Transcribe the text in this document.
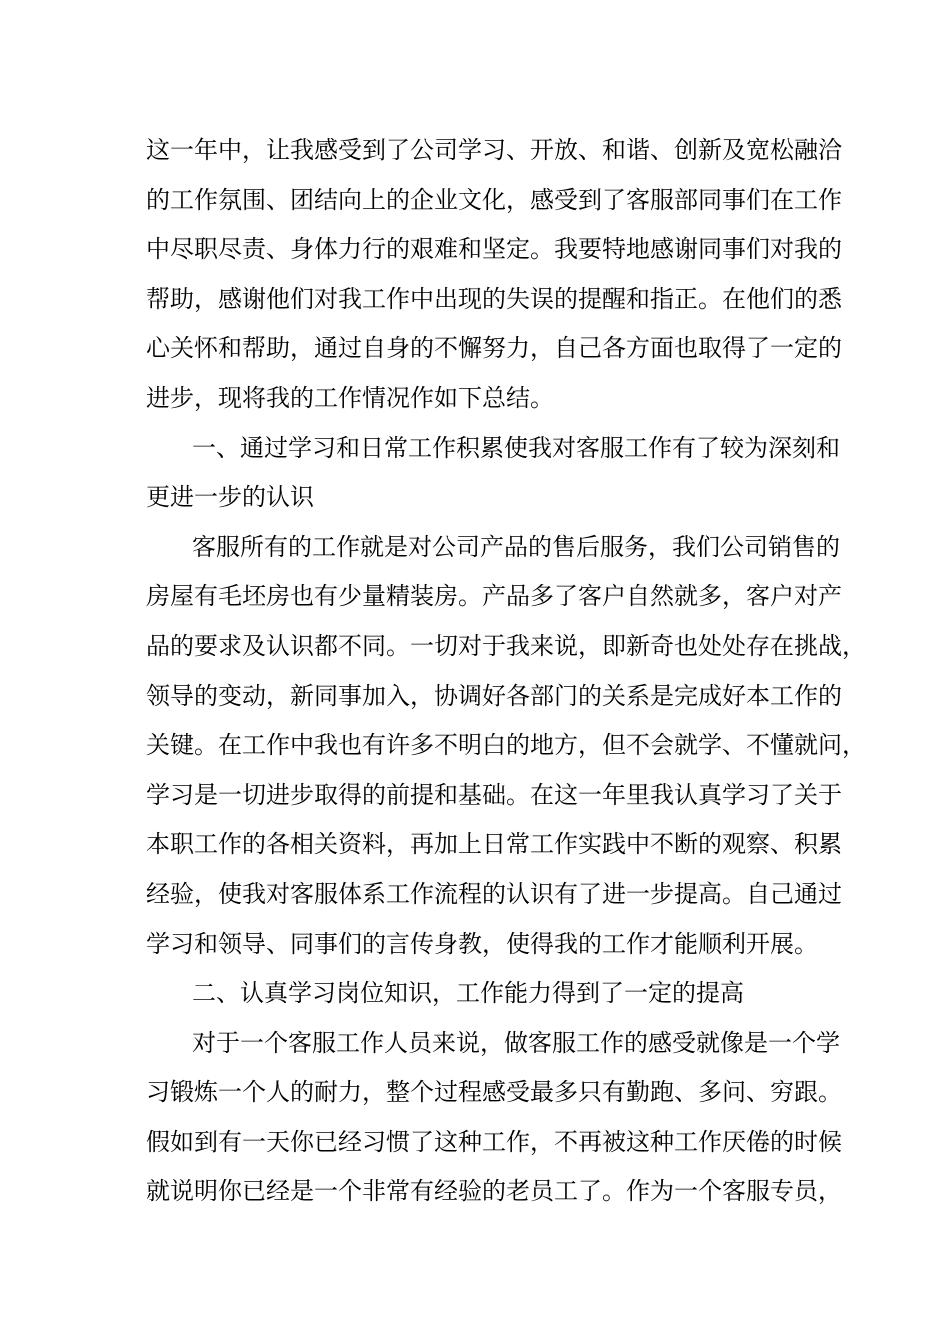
这一年中，让我感受到了公司学习、开放、和谐、创新及宽松融洽
的工作氛围、团结向上的企业文化，感受到了客服部同事们在工作
中尽职尽责、身体力行的艰难和坚定。我要特地感谢同事们对我的
帮助，感谢他们对我工作中出现的失误的提醒和指正。在他们的悉
心关怀和帮助，通过自身的不懈努力，自己各方面也取得了一定的
进步，现将我的工作情况作如下总结。
一、通过学习和日常工作积累使我对客服工作有了较为深刻和
更进一步的认识
客服所有的工作就是对公司产品的售后服务，我们公司销售的
房屋有毛坯房也有少量精装房。产品多了客户自然就多，客户对产
品的要求及认识都不同。一切对于我来说，即新奇也处处存在挑战，
领导的变动，新同事加入，协调好各部门的关系是完成好本工作的
关键。在工作中我也有许多不明白的地方，但不会就学、不懂就问，
学习是一切进步取得的前提和基础。在这一年里我认真学习了关于
本职工作的各相关资料，再加上日常工作实践中不断的观察、积累
经验，使我对客服体系工作流程的认识有了进一步提高。自己通过
学习和领导、同事们的言传身教，使得我的工作才能顺利开展。
二、认真学习岗位知识，工作能力得到了一定的提高
对于一个客服工作人员来说，做客服工作的感受就像是一个学
习锻炼一个人的耐力，整个过程感受最多只有勤跑、多问、穷跟。
假如到有一天你已经习惯了这种工作，不再被这种工作厌倦的时候
就说明你已经是一个非常有经验的老员工了。作为一个客服专员，
